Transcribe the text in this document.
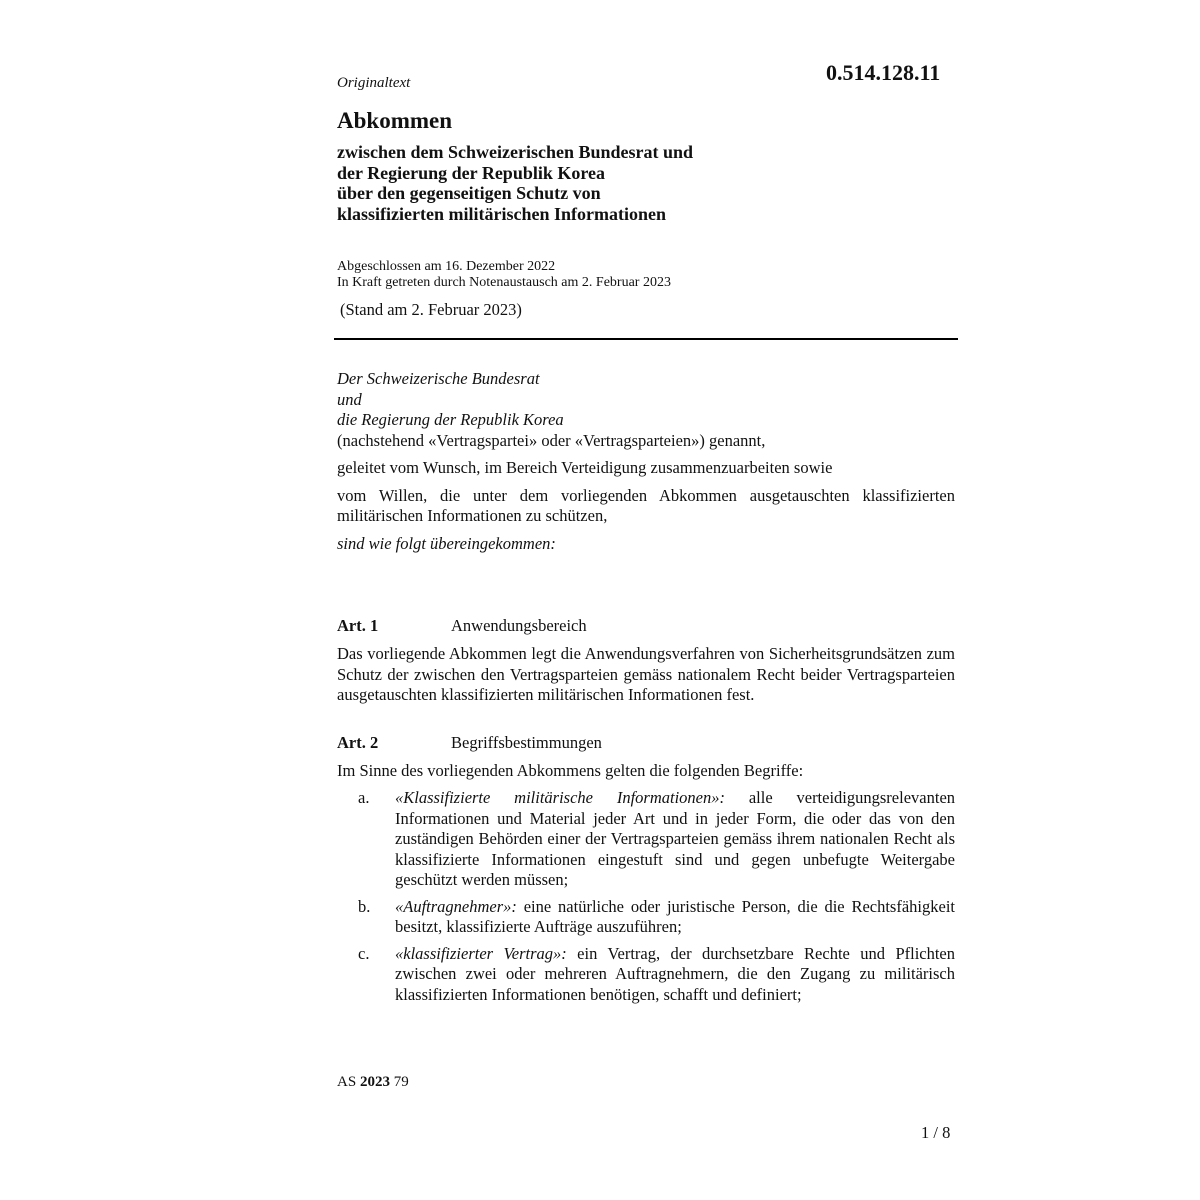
0.514.128.11
Originaltext
Abkommen
zwischen dem Schweizerischen Bundesrat und
der Regierung der Republik Korea
über den gegenseitigen Schutz von
klassifizierten militärischen Informationen
Abgeschlossen am 16. Dezember 2022
In Kraft getreten durch Notenaustausch am 2. Februar 2023
(Stand am 2. Februar 2023)
Der Schweizerische Bundesrat
und
die Regierung der Republik Korea
(nachstehend «Vertragspartei» oder «Vertragsparteien») genannt,
geleitet vom Wunsch, im Bereich Verteidigung zusammenzuarbeiten sowie
vom Willen, die unter dem vorliegenden Abkommen ausgetauschten klassifizierten militärischen Informationen zu schützen,
sind wie folgt übereingekommen:
Art. 1	Anwendungsbereich
Das vorliegende Abkommen legt die Anwendungsverfahren von Sicherheitsgrundsätzen zum Schutz der zwischen den Vertragsparteien gemäss nationalem Recht beider Vertragsparteien ausgetauschten klassifizierten militärischen Informationen fest.
Art. 2	Begriffsbestimmungen
Im Sinne des vorliegenden Abkommens gelten die folgenden Begriffe:
a.	«Klassifizierte militärische Informationen»: alle verteidigungsrelevanten Informationen und Material jeder Art und in jeder Form, die oder das von den zuständigen Behörden einer der Vertragsparteien gemäss ihrem nationalen Recht als klassifizierte Informationen eingestuft sind und gegen unbefugte Weitergabe geschützt werden müssen;
b.	«Auftragnehmer»: eine natürliche oder juristische Person, die die Rechtsfähigkeit besitzt, klassifizierte Aufträge auszuführen;
c.	«klassifizierter Vertrag»: ein Vertrag, der durchsetzbare Rechte und Pflichten zwischen zwei oder mehreren Auftragnehmern, die den Zugang zu militärisch klassifizierten Informationen benötigen, schafft und definiert;
AS 2023 79
1 / 8
